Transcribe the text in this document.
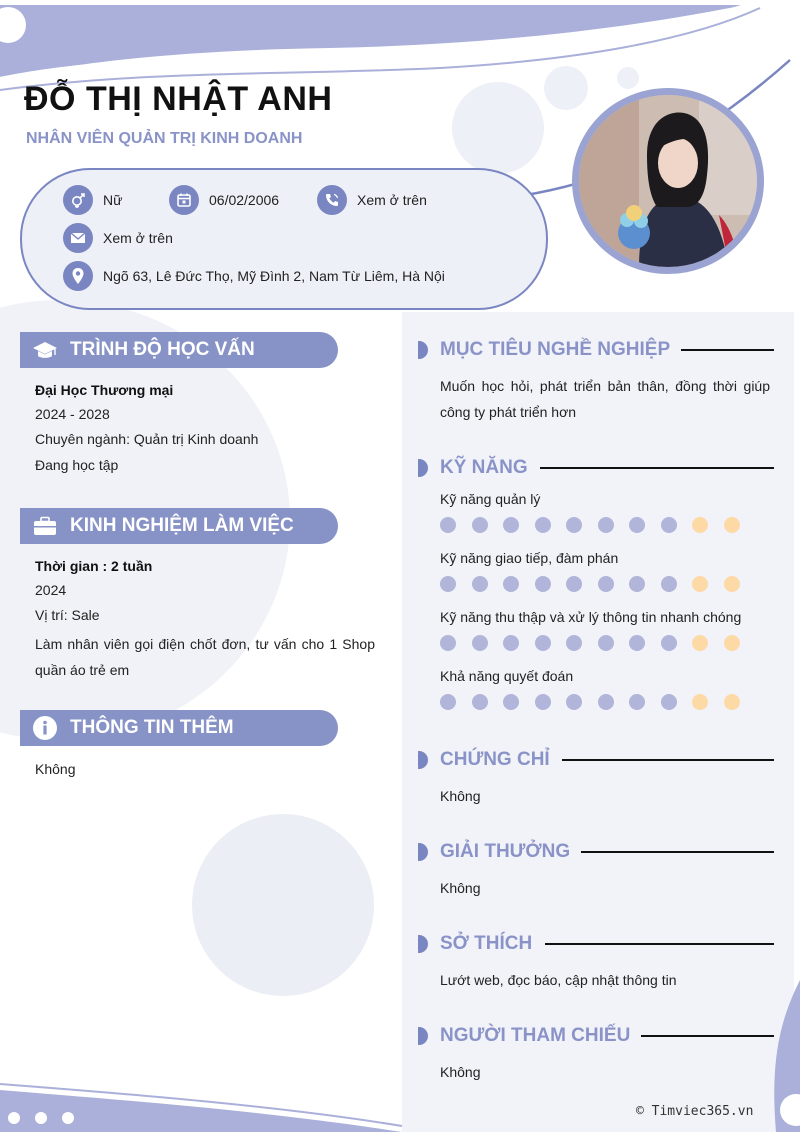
ĐỖ THỊ NHẬT ANH
NHÂN VIÊN QUẢN TRỊ KINH DOANH
Nữ	06/02/2006	Xem ở trên
Xem ở trên
Ngõ 63, Lê Đức Thọ, Mỹ Đình 2, Nam Từ Liêm, Hà Nội
TRÌNH ĐỘ HỌC VẤN
Đại Học Thương mại
2024 - 2028
Chuyên ngành: Quản trị Kinh doanh
Đang học tập
KINH NGHIỆM LÀM VIỆC
Thời gian : 2 tuần
2024
Vị trí: Sale
Làm nhân viên gọi điện chốt đơn, tư vấn cho 1 Shop quần áo trẻ em
THÔNG TIN THÊM
Không
MỤC TIÊU NGHỀ NGHIỆP
Muốn học hỏi, phát triển bản thân, đồng thời giúp công ty phát triển hơn
KỸ NĂNG
Kỹ năng quản lý
Kỹ năng giao tiếp, đàm phán
Kỹ năng thu thập và xử lý thông tin nhanh chóng
Khả năng quyết đoán
CHỨNG CHỈ
Không
GIẢI THƯỞNG
Không
SỞ THÍCH
Lướt web, đọc báo, cập nhật thông tin
NGƯỜI THAM CHIẾU
Không
© Timviec365.vn
